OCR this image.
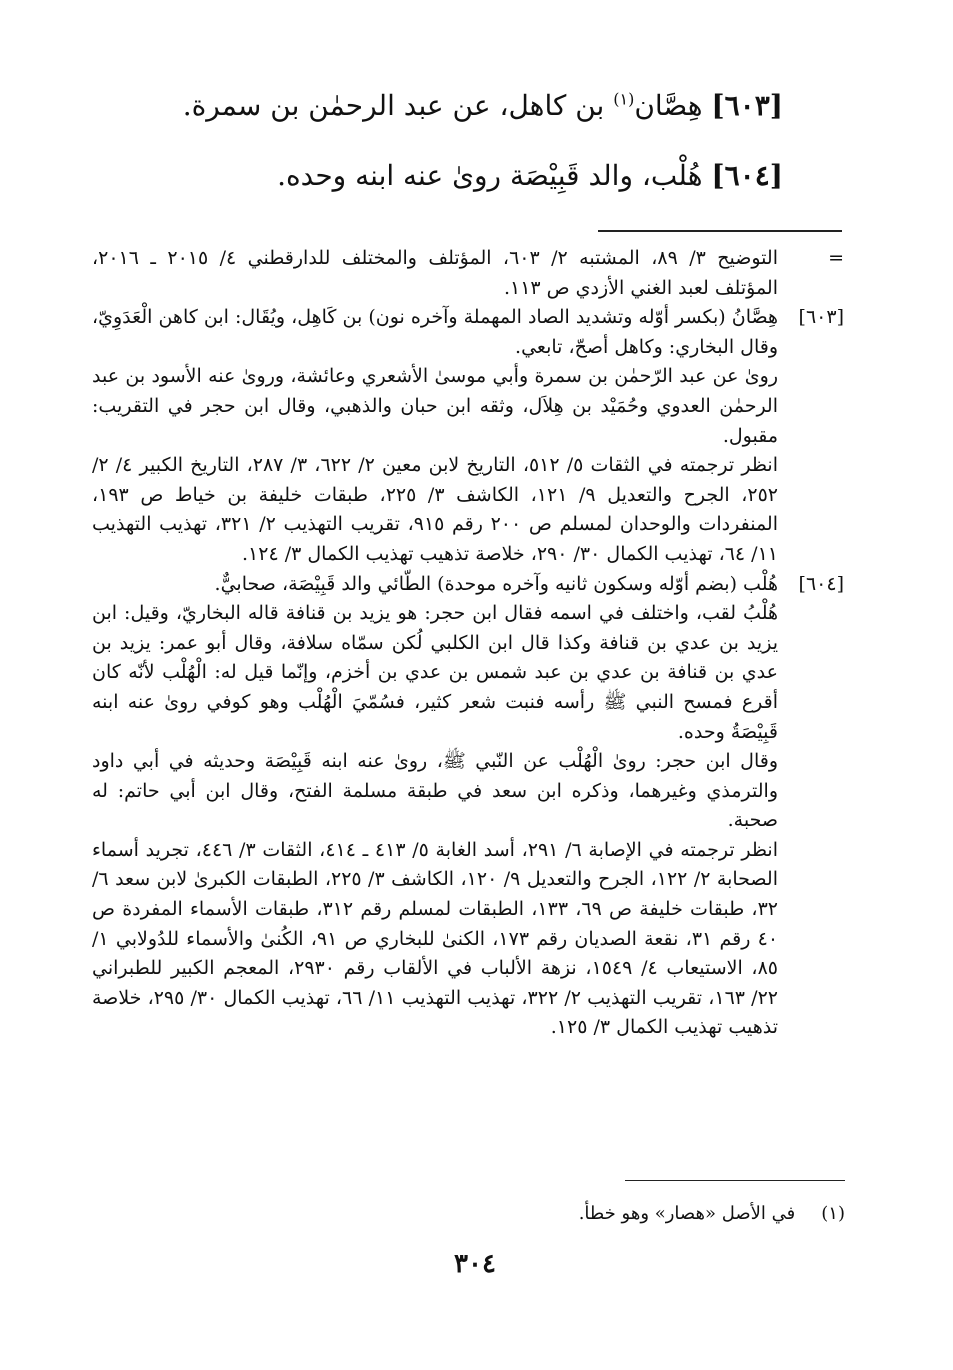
[٦٠٣] هِصَّان$^{(١)}$ بن كاهل، عن عبد الرحمٰن بن سمرة.
[٦٠٤] هُلْب، والد قَبِيْصَة روىٰ عنه ابنه وحده.
=

التوضيح ٣/ ٨٩، المشتبه ٢/ ٦٠٣، المؤتلف والمختلف للدارقطني ٤/ ٢٠١٥ ـ ٢٠١٦، المؤتلف لعبد الغني الأزدي ص ١١٣.

[٦٠٣]

هِصَّانُ (بكسر أوّله وتشديد الصاد المهملة وآخره نون) بن كَاهِل، ويُقَال: ابن كاهن الْعَدَوِيّ، وقال البخاري: وكاهل أصحّ، تابعي.

روىٰ عن عبد الرّحمٰن بن سمرة وأبي موسىٰ الأشعري وعائشة، وروىٰ عنه الأسود بن عبد الرحمٰن العدوي وحُمَيْد بن هِلاَل، وثقه ابن حبان والذهبي، وقال ابن حجر في التقريب: مقبول.

انظر ترجمته في الثقات ٥/ ٥١٢، التاريخ لابن معين ٢/ ٦٢٢، ٣/ ٢٨٧، التاريخ الكبير ٤/ ٢/ ٢٥٢، الجرح والتعديل ٩/ ١٢١، الكاشف ٣/ ٢٢٥، طبقات خليفة بن خياط ص ١٩٣، المنفردات والوحدان لمسلم ص ٢٠٠ رقم ٩١٥، تقريب التهذيب ٢/ ٣٢١، تهذيب التهذيب ١١/ ٦٤، تهذيب الكمال ٣٠/ ٢٩٠، خلاصة تذهيب تهذيب الكمال ٣/ ١٢٤.

[٦٠٤]

هُلْب (بضم أوّله وسكون ثانيه وآخره موحدة) الطّائي والد قَبِيْصَة، صحابيٌّ.

هُلْبُ لقب، واختلف في اسمه فقال ابن حجر: هو يزيد بن قنافة قاله البخاريّ، وقيل: ابن يزيد بن عدي بن قنافة وكذا قال ابن الكلبي لُكن سمّاه سلافة، وقال أبو عمر: يزيد بن عدي بن قنافة بن عدي بن عبد شمس بن عدي بن أخزم، وإنّما قيل له: الْهُلْب لأنّه كان أقرع فمسح النبي ﷺ رأسه فنبت شعر كثير، فسُمّيَ الْهُلْب وهو كوفي روىٰ عنه ابنه قَبِيْصَةُ وحده.

وقال ابن حجر: روىٰ الْهُلْب عن النّبي ﷺ، روىٰ عنه ابنه قَبِيْصَة وحديثه في أبي داود والترمذي وغيرهما، وذكره ابن سعد في طبقة مسلمة الفتح، وقال ابن أبي حاتم: له صحبة.

انظر ترجمته في الإصابة ٦/ ٢٩١، أسد الغابة ٥/ ٤١٣ ـ ٤١٤، الثقات ٣/ ٤٤٦، تجريد أسماء الصحابة ٢/ ١٢٢، الجرح والتعديل ٩/ ١٢٠، الكاشف ٣/ ٢٢٥، الطبقات الكبرىٰ لابن سعد ٦/ ٣٢، طبقات خليفة ص ٦٩، ١٣٣، الطبقات لمسلم رقم ٣١٢، طبقات الأسماء المفردة ص ٤٠ رقم ٣١، نقعة الصديان رقم ١٧٣، الكنىٰ للبخاري ص ٩١، الكُنىٰ والأسماء للدُولابي ١/ ٨٥، الاستيعاب ٤/ ١٥٤٩، نزهة الألباب في الألقاب رقم ٢٩٣٠، المعجم الكبير للطبراني ٢٢/ ١٦٣، تقريب التهذيب ٢/ ٣٢٢، تهذيب التهذيب ١١/ ٦٦، تهذيب الكمال ٣٠/ ٢٩٥، خلاصة تذهيب تهذيب الكمال ٣/ ١٢٥.

(١)في الأصل «هصار» وهو خطأ.
٣٠٤
